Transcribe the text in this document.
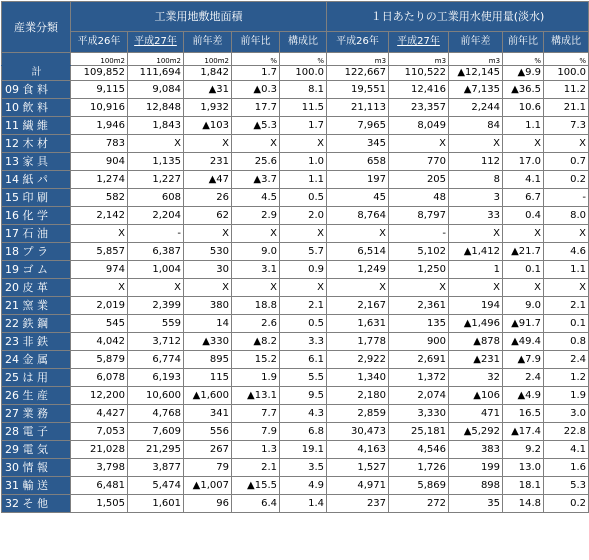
産業分類	工業用地敷地面積					１日あたりの工業用水使用量(淡水)				
	平成26年	平成27年	前年差	前年比	構成比	平成26年	平成27年	前年差	前年比	構成比
	100m2	100m2	100m2	%	%	m3	m3	m3	%	%
計	109,852	111,694	1,842	1.7	100.0	122,667	110,522	▲12,145	▲9.9	100.0
09 食 料	9,115	9,084	▲31	▲0.3	8.1	19,551	12,416	▲7,135	▲36.5	11.2
10 飲 料	10,916	12,848	1,932	17.7	11.5	21,113	23,357	2,244	10.6	21.1
11 繊 維	1,946	1,843	▲103	▲5.3	1.7	7,965	8,049	84	1.1	7.3
12 木 材	783	X	X	X	X	345	X	X	X	X
13 家 具	904	1,135	231	25.6	1.0	658	770	112	17.0	0.7
14 紙 パ	1,274	1,227	▲47	▲3.7	1.1	197	205	8	4.1	0.2
15 印 刷	582	608	26	4.5	0.5	45	48	3	6.7	-
16 化 学	2,142	2,204	62	2.9	2.0	8,764	8,797	33	0.4	8.0
17 石 油	X	-	X	X	X	X	-	X	X	X
18 プ ラ	5,857	6,387	530	9.0	5.7	6,514	5,102	▲1,412	▲21.7	4.6
19 ゴ ム	974	1,004	30	3.1	0.9	1,249	1,250	1	0.1	1.1
20 皮 革	X	X	X	X	X	X	X	X	X	X
21 窯 業	2,019	2,399	380	18.8	2.1	2,167	2,361	194	9.0	2.1
22 鉄 鋼	545	559	14	2.6	0.5	1,631	135	▲1,496	▲91.7	0.1
23 非 鉄	4,042	3,712	▲330	▲8.2	3.3	1,778	900	▲878	▲49.4	0.8
24 金 属	5,879	6,774	895	15.2	6.1	2,922	2,691	▲231	▲7.9	2.4
25 は 用	6,078	6,193	115	1.9	5.5	1,340	1,372	32	2.4	1.2
26 生 産	12,200	10,600	▲1,600	▲13.1	9.5	2,180	2,074	▲106	▲4.9	1.9
27 業 務	4,427	4,768	341	7.7	4.3	2,859	3,330	471	16.5	3.0
28 電 子	7,053	7,609	556	7.9	6.8	30,473	25,181	▲5,292	▲17.4	22.8
29 電 気	21,028	21,295	267	1.3	19.1	4,163	4,546	383	9.2	4.1
30 情 報	3,798	3,877	79	2.1	3.5	1,527	1,726	199	13.0	1.6
31 輸 送	6,481	5,474	▲1,007	▲15.5	4.9	4,971	5,869	898	18.1	5.3
32 そ 他	1,505	1,601	96	6.4	1.4	237	272	35	14.8	0.2
